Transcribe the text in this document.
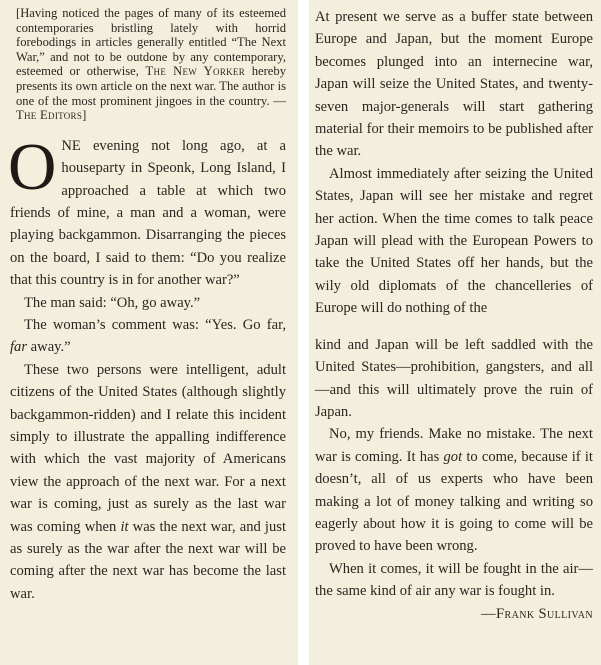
[Having noticed the pages of many of its esteemed contemporaries bristling lately with horrid forebodings in articles generally entitled “The Next War,” and not to be outdone by any contemporary, esteemed or otherwise, The New Yorker hereby presents its own article on the next war. The author is one of the most prominent jingoes in the country. —The Editors]

ONE evening not long ago, at a houseparty in Speonk, Long Island, I approached a table at which two friends of mine, a man and a woman, were playing backgammon. Disarranging the pieces on the board, I said to them: “Do you realize that this country is in for another war?”

The man said: “Oh, go away.”

The woman’s comment was: “Yes. Go far, far away.”

These two persons were intelligent, adult citizens of the United States (although slightly backgammon-ridden) and I relate this incident simply to illustrate the appalling indifference with which the vast majority of Americans view the approach of the next war. For a next war is coming, just as surely as the last war was coming when it was the next war, and just as surely as the war after the next war will be coming after the next war has become the last war.

At present we serve as a buffer state between Europe and Japan, but the moment Europe becomes plunged into an internecine war, Japan will seize the United States, and twenty-seven major-generals will start gathering material for their memoirs to be published after the war.

Almost immediately after seizing the United States, Japan will see her mistake and regret her action. When the time comes to talk peace Japan will plead with the European Powers to take the United States off her hands, but the wily old diplomats of the chancelleries of Europe will do nothing of the

kind and Japan will be left saddled with the United States—prohibition, gangsters, and all—and this will ultimately prove the ruin of Japan.

No, my friends. Make no mistake. The next war is coming. It has got to come, because if it doesn’t, all of us experts who have been making a lot of money talking and writing so eagerly about how it is going to come will be proved to have been wrong.

When it comes, it will be fought in the air—the same kind of air any war is fought in.
—Frank Sullivan
